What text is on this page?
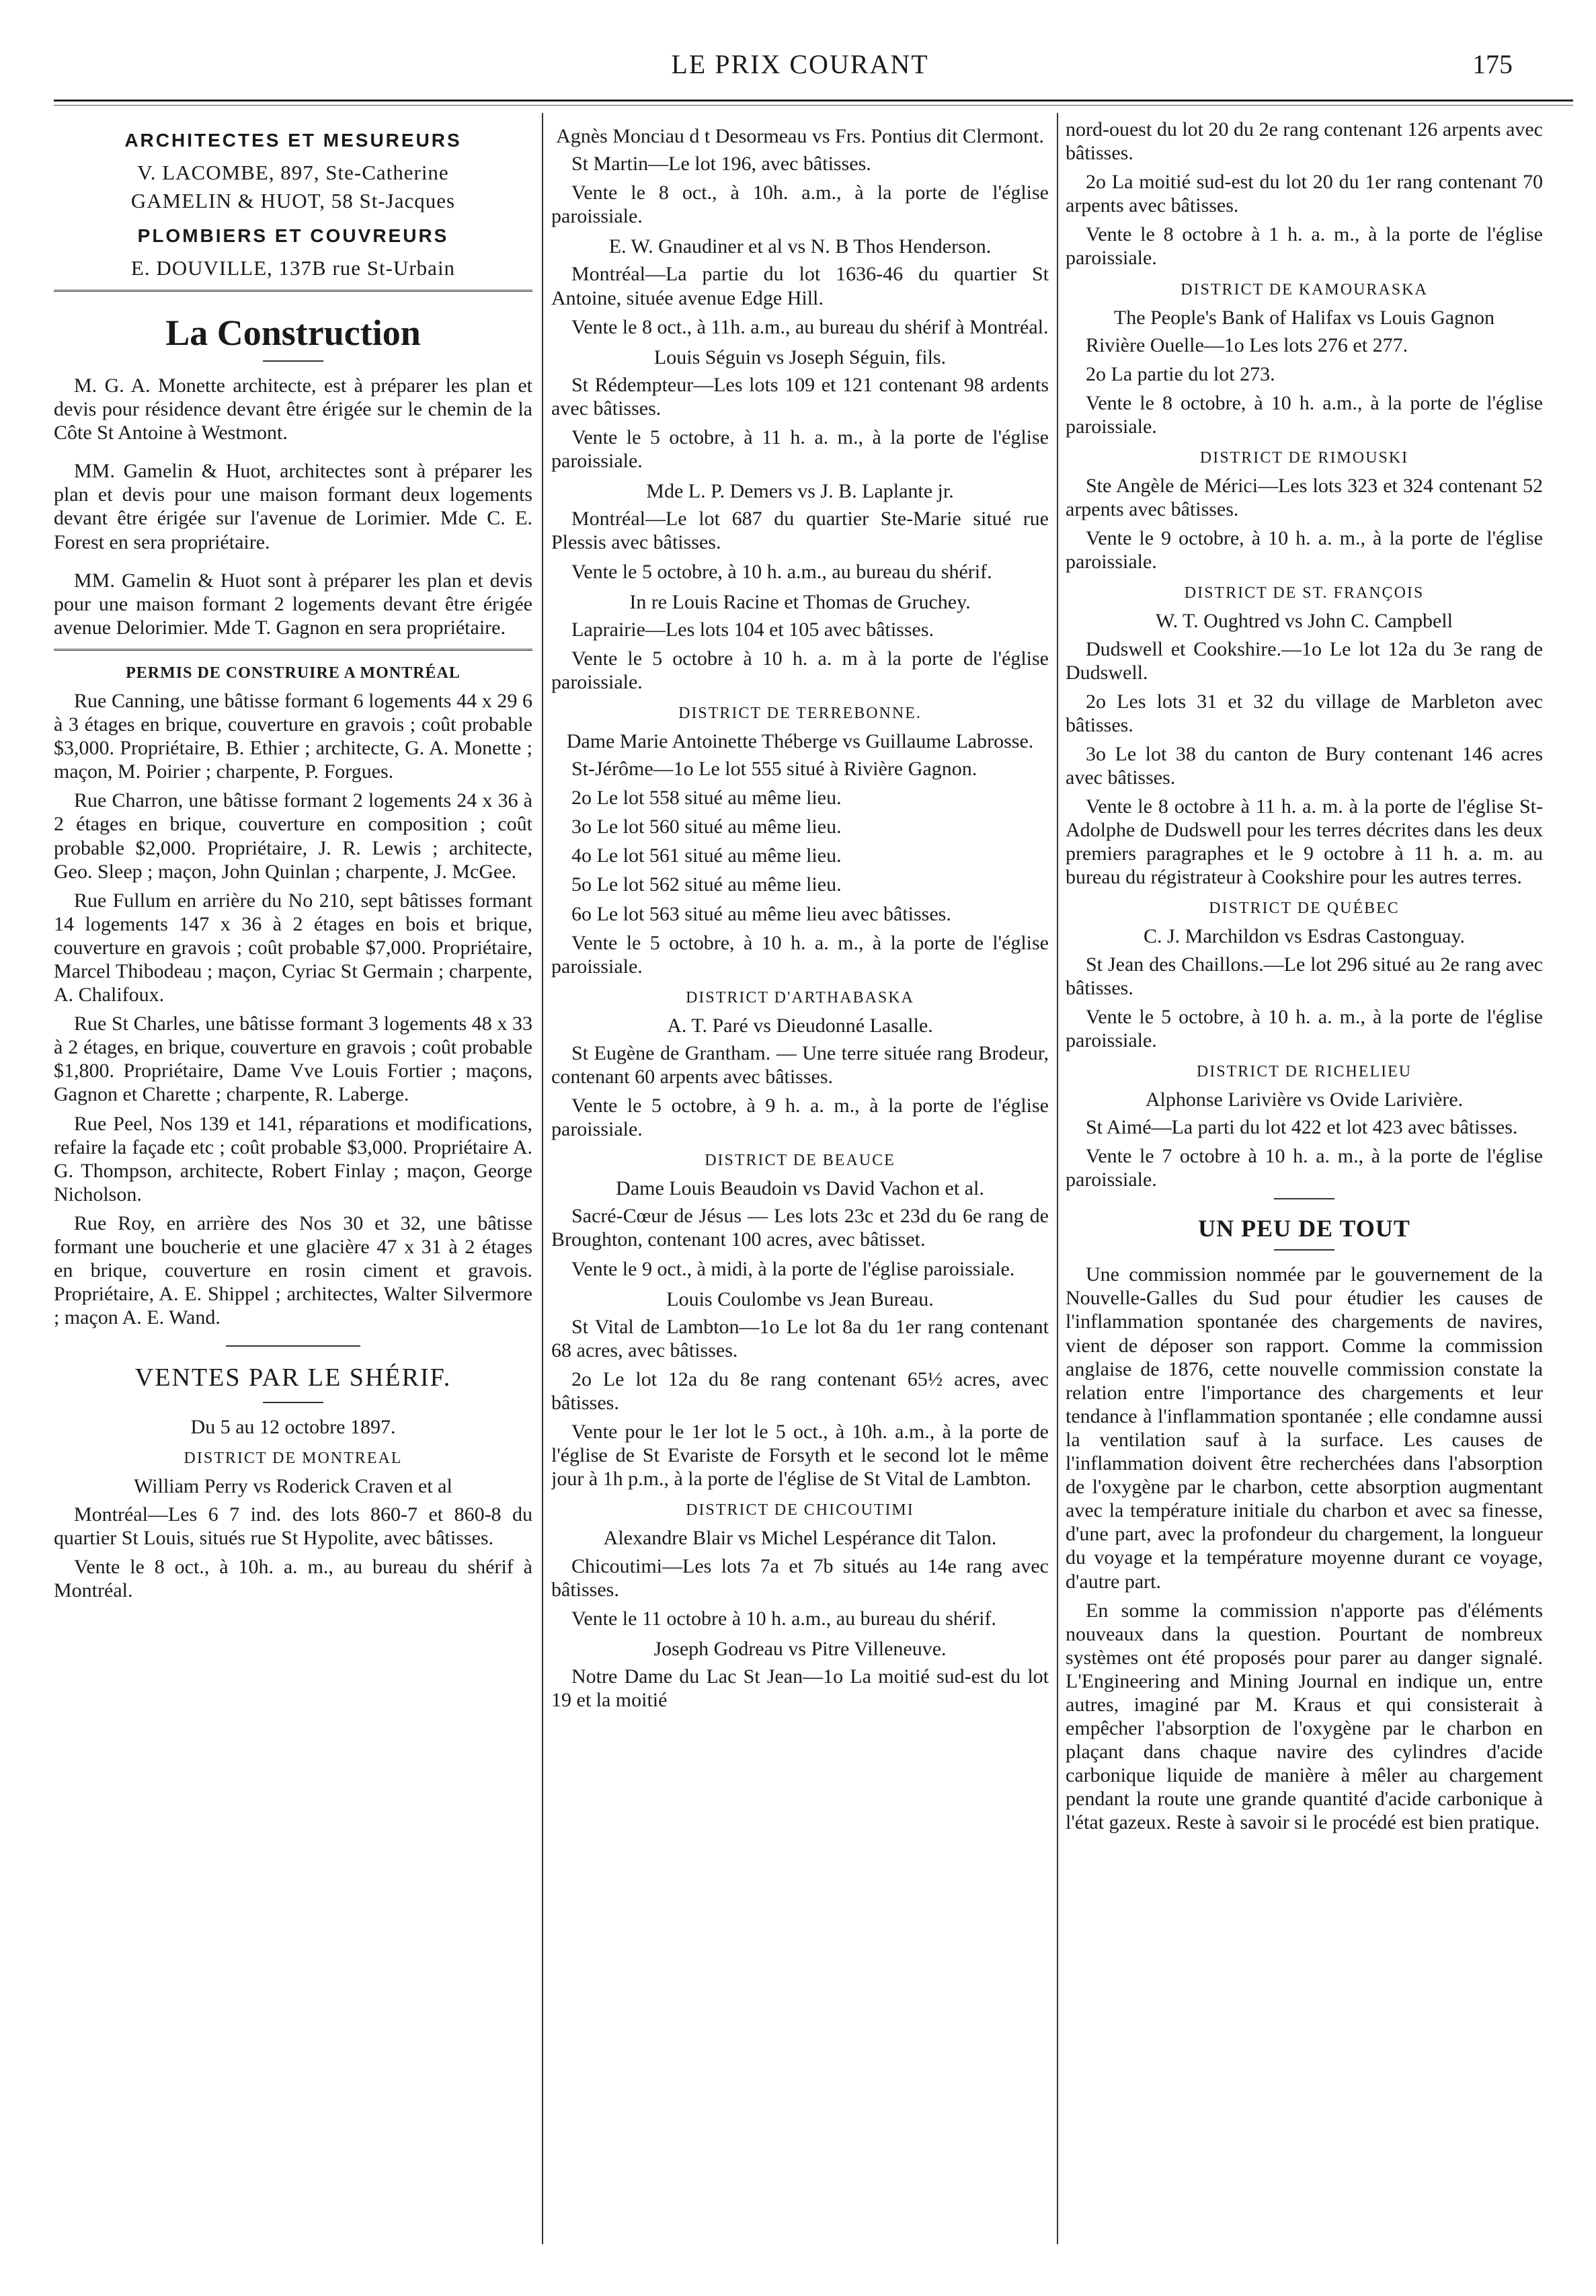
LE PRIX COURANT	175
ARCHITECTES ET MESUREURS
V. LACOMBE, 897, Ste-Catherine
GAMELIN & HUOT, 58 St-Jacques
PLOMBIERS ET COUVREURS
E. DOUVILLE, 137B rue St-Urbain
La Construction

M. G. A. Monette architecte, est à préparer les plan et devis pour résidence devant être érigée sur le chemin de la Côte St Antoine à Westmont.

MM. Gamelin & Huot, architectes sont à préparer les plan et devis pour une maison formant deux logements devant être érigée sur l'avenue de Lorimier. Mde C. E. Forest en sera propriétaire.

MM. Gamelin & Huot sont à préparer les plan et devis pour une maison formant 2 logements devant être érigée avenue Delorimier. Mde T. Gagnon en sera propriétaire.

PERMIS DE CONSTRUIRE A MONTRÉAL

Rue Canning, une bâtisse formant 6 logements 44 x 29 6 à 3 étages en brique, couverture en gravois ; coût probable $3,000. Propriétaire, B. Ethier ; architecte, G. A. Monette ; maçon, M. Poirier ; charpente, P. Forgues.

Rue Charron, une bâtisse formant 2 logements 24 x 36 à 2 étages en brique, couverture en composition ; coût probable $2,000. Propriétaire, J. R. Lewis ; architecte, Geo. Sleep ; maçon, John Quinlan ; charpente, J. McGee.

Rue Fullum en arrière du No 210, sept bâtisses formant 14 logements 147 x 36 à 2 étages en bois et brique, couverture en gravois ; coût probable $7,000. Propriétaire, Marcel Thibodeau ; maçon, Cyriac St Germain ; charpente, A. Chalifoux.

Rue St Charles, une bâtisse formant 3 logements 48 x 33 à 2 étages, en brique, couverture en gravois ; coût probable $1,800. Propriétaire, Dame Vve Louis Fortier ; maçons, Gagnon et Charette ; charpente, R. Laberge.

Rue Peel, Nos 139 et 141, réparations et modifications, refaire la façade etc ; coût probable $3,000. Propriétaire A. G. Thompson, architecte, Robert Finlay ; maçon, George Nicholson.

Rue Roy, en arrière des Nos 30 et 32, une bâtisse formant une boucherie et une glacière 47 x 31 à 2 étages en brique, couverture en rosin ciment et gravois. Propriétaire, A. E. Shippel ; architectes, Walter Silvermore ; maçon A. E. Wand.

VENTES PAR LE SHÉRIF.
Du 5 au 12 octobre 1897.
DISTRICT DE MONTREAL
William Perry vs Roderick Craven et al

Montréal—Les 6 7 ind. des lots 860-7 et 860-8 du quartier St Louis, situés rue St Hypolite, avec bâtisses.

Vente le 8 oct., à 10h. a. m., au bureau du shérif à Montréal.

Agnès Monciau d t Desormeau vs Frs. Pontius dit Clermont.

St Martin—Le lot 196, avec bâtisses.

Vente le 8 oct., à 10h. a.m., à la porte de l'église paroissiale.

E. W. Gnaudiner et al vs N. B Thos Henderson.

Montréal—La partie du lot 1636-46 du quartier St Antoine, située avenue Edge Hill.

Vente le 8 oct., à 11h. a.m., au bureau du shérif à Montréal.

Louis Séguin vs Joseph Séguin, fils.

St Rédempteur—Les lots 109 et 121 contenant 98 ardents avec bâtisses.

Vente le 5 octobre, à 11 h. a. m., à la porte de l'église paroissiale.

Mde L. P. Demers vs J. B. Laplante jr.

Montréal—Le lot 687 du quartier Ste-Marie situé rue Plessis avec bâtisses.

Vente le 5 octobre, à 10 h. a.m., au bureau du shérif.

In re Louis Racine et Thomas de Gruchey.

Laprairie—Les lots 104 et 105 avec bâtisses.

Vente le 5 octobre à 10 h. a. m à la porte de l'église paroissiale.

DISTRICT DE TERREBONNE.
Dame Marie Antoinette Théberge vs Guillaume Labrosse.

St-Jérôme—1o Le lot 555 situé à Rivière Gagnon.

2o Le lot 558 situé au même lieu.

3o Le lot 560 situé au même lieu.

4o Le lot 561 situé au même lieu.

5o Le lot 562 situé au même lieu.

6o Le lot 563 situé au même lieu avec bâtisses.

Vente le 5 octobre, à 10 h. a. m., à la porte de l'église paroissiale.

DISTRICT D'ARTHABASKA
A. T. Paré vs Dieudonné Lasalle.

St Eugène de Grantham. — Une terre située rang Brodeur, contenant 60 arpents avec bâtisses.

Vente le 5 octobre, à 9 h. a. m., à la porte de l'église paroissiale.

DISTRICT DE BEAUCE
Dame Louis Beaudoin vs David Vachon et al.

Sacré-Cœur de Jésus — Les lots 23c et 23d du 6e rang de Broughton, contenant 100 acres, avec bâtisset.

Vente le 9 oct., à midi, à la porte de l'église paroissiale.

Louis Coulombe vs Jean Bureau.

St Vital de Lambton—1o Le lot 8a du 1er rang contenant 68 acres, avec bâtisses.

2o Le lot 12a du 8e rang contenant 65½ acres, avec bâtisses.

Vente pour le 1er lot le 5 oct., à 10h. a.m., à la porte de l'église de St Evariste de Forsyth et le second lot le même jour à 1h p.m., à la porte de l'église de St Vital de Lambton.

DISTRICT DE CHICOUTIMI
Alexandre Blair vs Michel Lespérance dit Talon.

Chicoutimi—Les lots 7a et 7b situés au 14e rang avec bâtisses.

Vente le 11 octobre à 10 h. a.m., au bureau du shérif.

Joseph Godreau vs Pitre Villeneuve.

Notre Dame du Lac St Jean—1o La moitié sud-est du lot 19 et la moitié

nord-ouest du lot 20 du 2e rang contenant 126 arpents avec bâtisses.

2o La moitié sud-est du lot 20 du 1er rang contenant 70 arpents avec bâtisses.

Vente le 8 octobre à 1 h. a. m., à la porte de l'église paroissiale.

DISTRICT DE KAMOURASKA
The People's Bank of Halifax vs Louis Gagnon

Rivière Ouelle—1o Les lots 276 et 277.

2o La partie du lot 273.

Vente le 8 octobre, à 10 h. a.m., à la porte de l'église paroissiale.

DISTRICT DE RIMOUSKI

Ste Angèle de Mérici—Les lots 323 et 324 contenant 52 arpents avec bâtisses.

Vente le 9 octobre, à 10 h. a. m., à la porte de l'église paroissiale.

DISTRICT DE ST. FRANÇOIS
W. T. Oughtred vs John C. Campbell

Dudswell et Cookshire.—1o Le lot 12a du 3e rang de Dudswell.

2o Les lots 31 et 32 du village de Marbleton avec bâtisses.

3o Le lot 38 du canton de Bury contenant 146 acres avec bâtisses.

Vente le 8 octobre à 11 h. a. m. à la porte de l'église St-Adolphe de Dudswell pour les terres décrites dans les deux premiers paragraphes et le 9 octobre à 11 h. a. m. au bureau du régistrateur à Cookshire pour les autres terres.

DISTRICT DE QUÉBEC
C. J. Marchildon vs Esdras Castonguay.

St Jean des Chaillons.—Le lot 296 situé au 2e rang avec bâtisses.

Vente le 5 octobre, à 10 h. a. m., à la porte de l'église paroissiale.

DISTRICT DE RICHELIEU
Alphonse Larivière vs Ovide Larivière.

St Aimé—La parti du lot 422 et lot 423 avec bâtisses.

Vente le 7 octobre à 10 h. a. m., à la porte de l'église paroissiale.

UN PEU DE TOUT

Une commission nommée par le gouvernement de la Nouvelle-Galles du Sud pour étudier les causes de l'inflammation spontanée des chargements de navires, vient de déposer son rapport. Comme la commission anglaise de 1876, cette nouvelle commission constate la relation entre l'importance des chargements et leur tendance à l'inflammation spontanée ; elle condamne aussi la ventilation sauf à la surface. Les causes de l'inflammation doivent être recherchées dans l'absorption de l'oxygène par le charbon, cette absorption augmentant avec la température initiale du charbon et avec sa finesse, d'une part, avec la profondeur du chargement, la longueur du voyage et la température moyenne durant ce voyage, d'autre part.

En somme la commission n'apporte pas d'éléments nouveaux dans la question. Pourtant de nombreux systèmes ont été proposés pour parer au danger signalé. L'Engineering and Mining Journal en indique un, entre autres, imaginé par M. Kraus et qui consisterait à empêcher l'absorption de l'oxygène par le charbon en plaçant dans chaque navire des cylindres d'acide carbonique liquide de manière à mêler au chargement pendant la route une grande quantité d'acide carbonique à l'état gazeux. Reste à savoir si le procédé est bien pratique.
